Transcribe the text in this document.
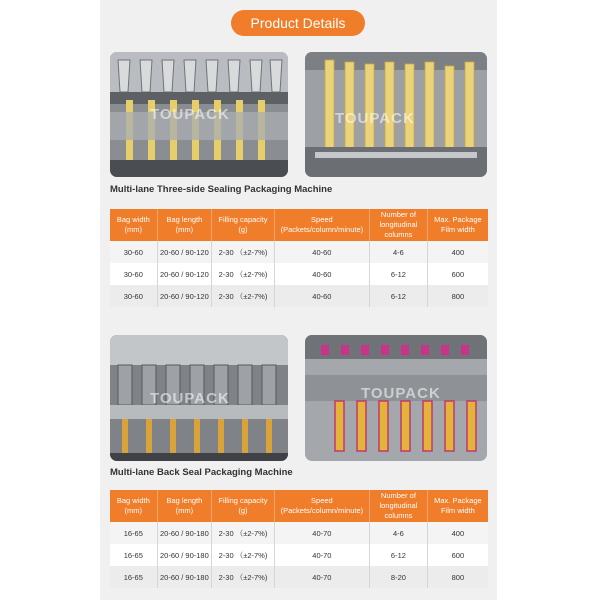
Product Details
TOUPACK	TOUPACK
Multi-lane Three-side Sealing Packaging Machine
Bag width (mm)	Bag length (mm)	Filling capacity (g)	Speed (Packets/column/minute)	Number of longitudinal columns	Max. Package Film width
30-60	20-60 / 90-120	2-30 （±2-7%)	40-60	4-6	400
30-60	20-60 / 90-120	2-30 （±2-7%)	40-60	6-12	600
30-60	20-60 / 90-120	2-30 （±2-7%)	40-60	6-12	800
TOUPACK	TOUPACK
Multi-lane Back Seal Packaging Machine
Bag width (mm)	Bag length (mm)	Filling capacity (g)	Speed (Packets/column/minute)	Number of longitudinal columns	Max. Package Film width
16-65	20-60 / 90-180	2-30 （±2-7%)	40-70	4-6	400
16-65	20-60 / 90-180	2-30 （±2-7%)	40-70	6-12	600
16-65	20-60 / 90-180	2-30 （±2-7%)	40-70	8-20	800
